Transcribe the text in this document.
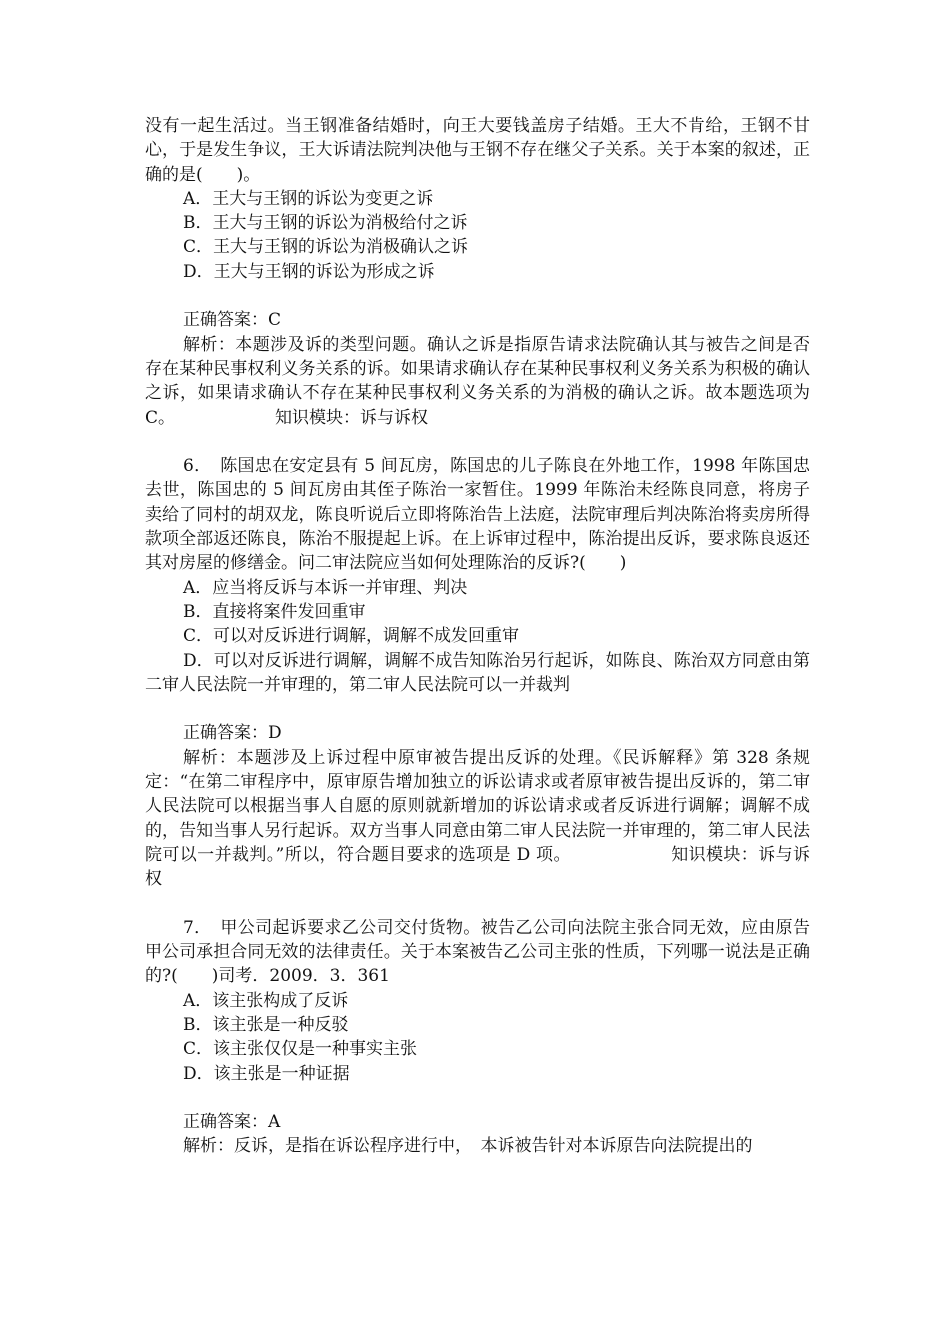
没有一起生活过。当王钢准备结婚时，向王大要钱盖房子结婚。王大不肯给，王钢不甘心，于是发生争议，王大诉请法院判决他与王钢不存在继父子关系。关于本案的叙述，正确的是(　　)。

A．王大与王钢的诉讼为变更之诉

B．王大与王钢的诉讼为消极给付之诉

C．王大与王钢的诉讼为消极确认之诉

D．王大与王钢的诉讼为形成之诉

正确答案：C

解析：本题涉及诉的类型问题。确认之诉是指原告请求法院确认其与被告之间是否存在某种民事权利义务关系的诉。如果请求确认存在某种民事权利义务关系为积极的确认之诉，如果请求确认不存在某种民事权利义务关系的为消极的确认之诉。故本题选项为C。	知识模块：诉与诉权

6．　陈国忠在安定县有 5 间瓦房，陈国忠的儿子陈良在外地工作，1998 年陈国忠去世，陈国忠的 5 间瓦房由其侄子陈治一家暂住。1999 年陈治未经陈良同意，将房子卖给了同村的胡双龙，陈良听说后立即将陈治告上法庭，法院审理后判决陈治将卖房所得款项全部返还陈良，陈治不服提起上诉。在上诉审过程中，陈治提出反诉，要求陈良返还其对房屋的修缮金。问二审法院应当如何处理陈治的反诉?(　　)

A．应当将反诉与本诉一并审理、判决

B．直接将案件发回重审

C．可以对反诉进行调解，调解不成发回重审

D．可以对反诉进行调解，调解不成告知陈治另行起诉，如陈良、陈治双方同意由第二审人民法院一并审理的，第二审人民法院可以一并裁判

正确答案：D

解析：本题涉及上诉过程中原审被告提出反诉的处理。《民诉解释》第 328 条规定：“在第二审程序中，原审原告增加独立的诉讼请求或者原审被告提出反诉的，第二审人民法院可以根据当事人自愿的原则就新增加的诉讼请求或者反诉进行调解；调解不成的，告知当事人另行起诉。双方当事人同意由第二审人民法院一并审理的，第二审人民法院可以一并裁判。”所以，符合题目要求的选项是 D 项。	知识模块：诉与诉权

7．　甲公司起诉要求乙公司交付货物。被告乙公司向法院主张合同无效，应由原告甲公司承担合同无效的法律责任。关于本案被告乙公司主张的性质，下列哪一说法是正确的?(　　)司考．2009．3．361

A．该主张构成了反诉

B．该主张是一种反驳

C．该主张仅仅是一种事实主张

D．该主张是一种证据

正确答案：A

解析：反诉，是指在诉讼程序进行中，　本诉被告针对本诉原告向法院提出的
